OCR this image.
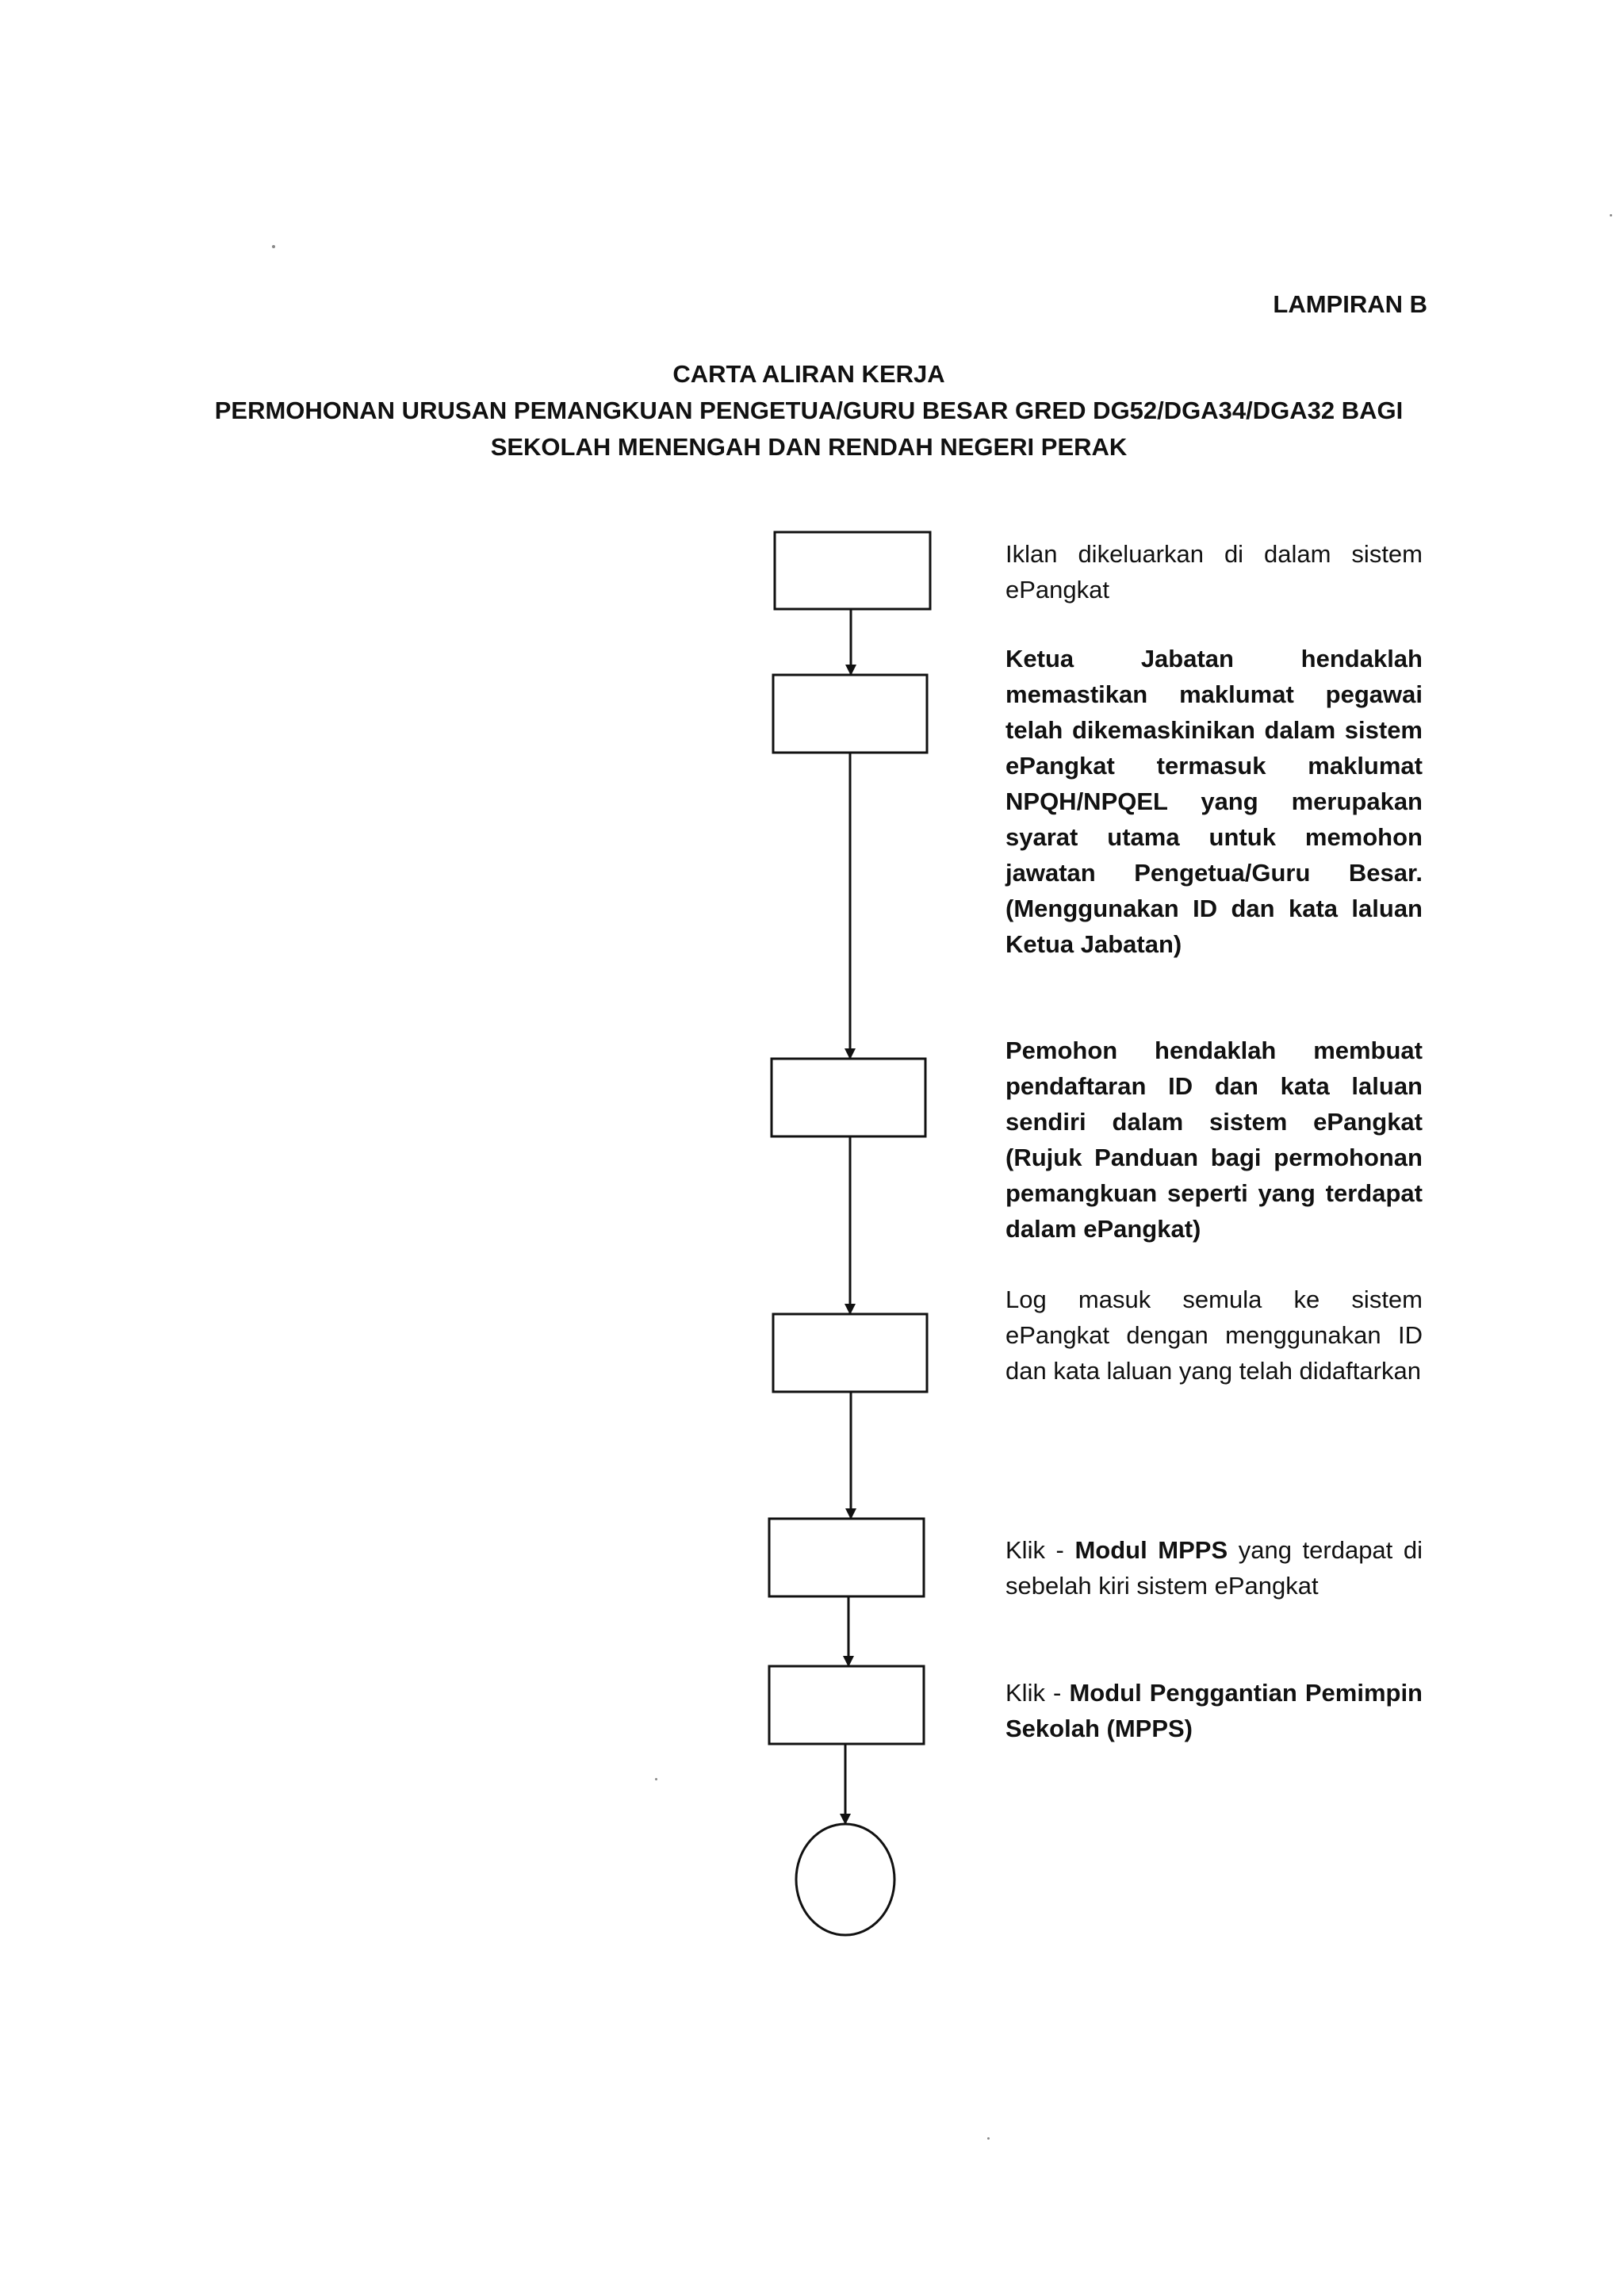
LAMPIRAN B
CARTA ALIRAN KERJA
PERMOHONAN URUSAN PEMANGKUAN PENGETUA/GURU BESAR GRED DG52/DGA34/DGA32 BAGI
SEKOLAH MENENGAH DAN RENDAH NEGERI PERAK
Iklan dikeluarkan di dalam sistem ePangkat
Ketua Jabatan hendaklah memastikan maklumat pegawai telah dikemaskinikan dalam sistem ePangkat termasuk maklumat NPQH/NPQEL yang merupakan syarat utama untuk memohon jawatan Pengetua/Guru Besar. (Menggunakan ID dan kata laluan Ketua Jabatan)
Pemohon hendaklah membuat pendaftaran ID dan kata laluan sendiri dalam sistem ePangkat (Rujuk Panduan bagi permohonan pemangkuan seperti yang terdapat dalam ePangkat)
Log masuk semula ke sistem ePangkat dengan menggunakan ID dan kata laluan yang telah didaftarkan
Klik - Modul MPPS yang terdapat di sebelah kiri sistem ePangkat
Klik - Modul Penggantian Pemimpin Sekolah (MPPS)
